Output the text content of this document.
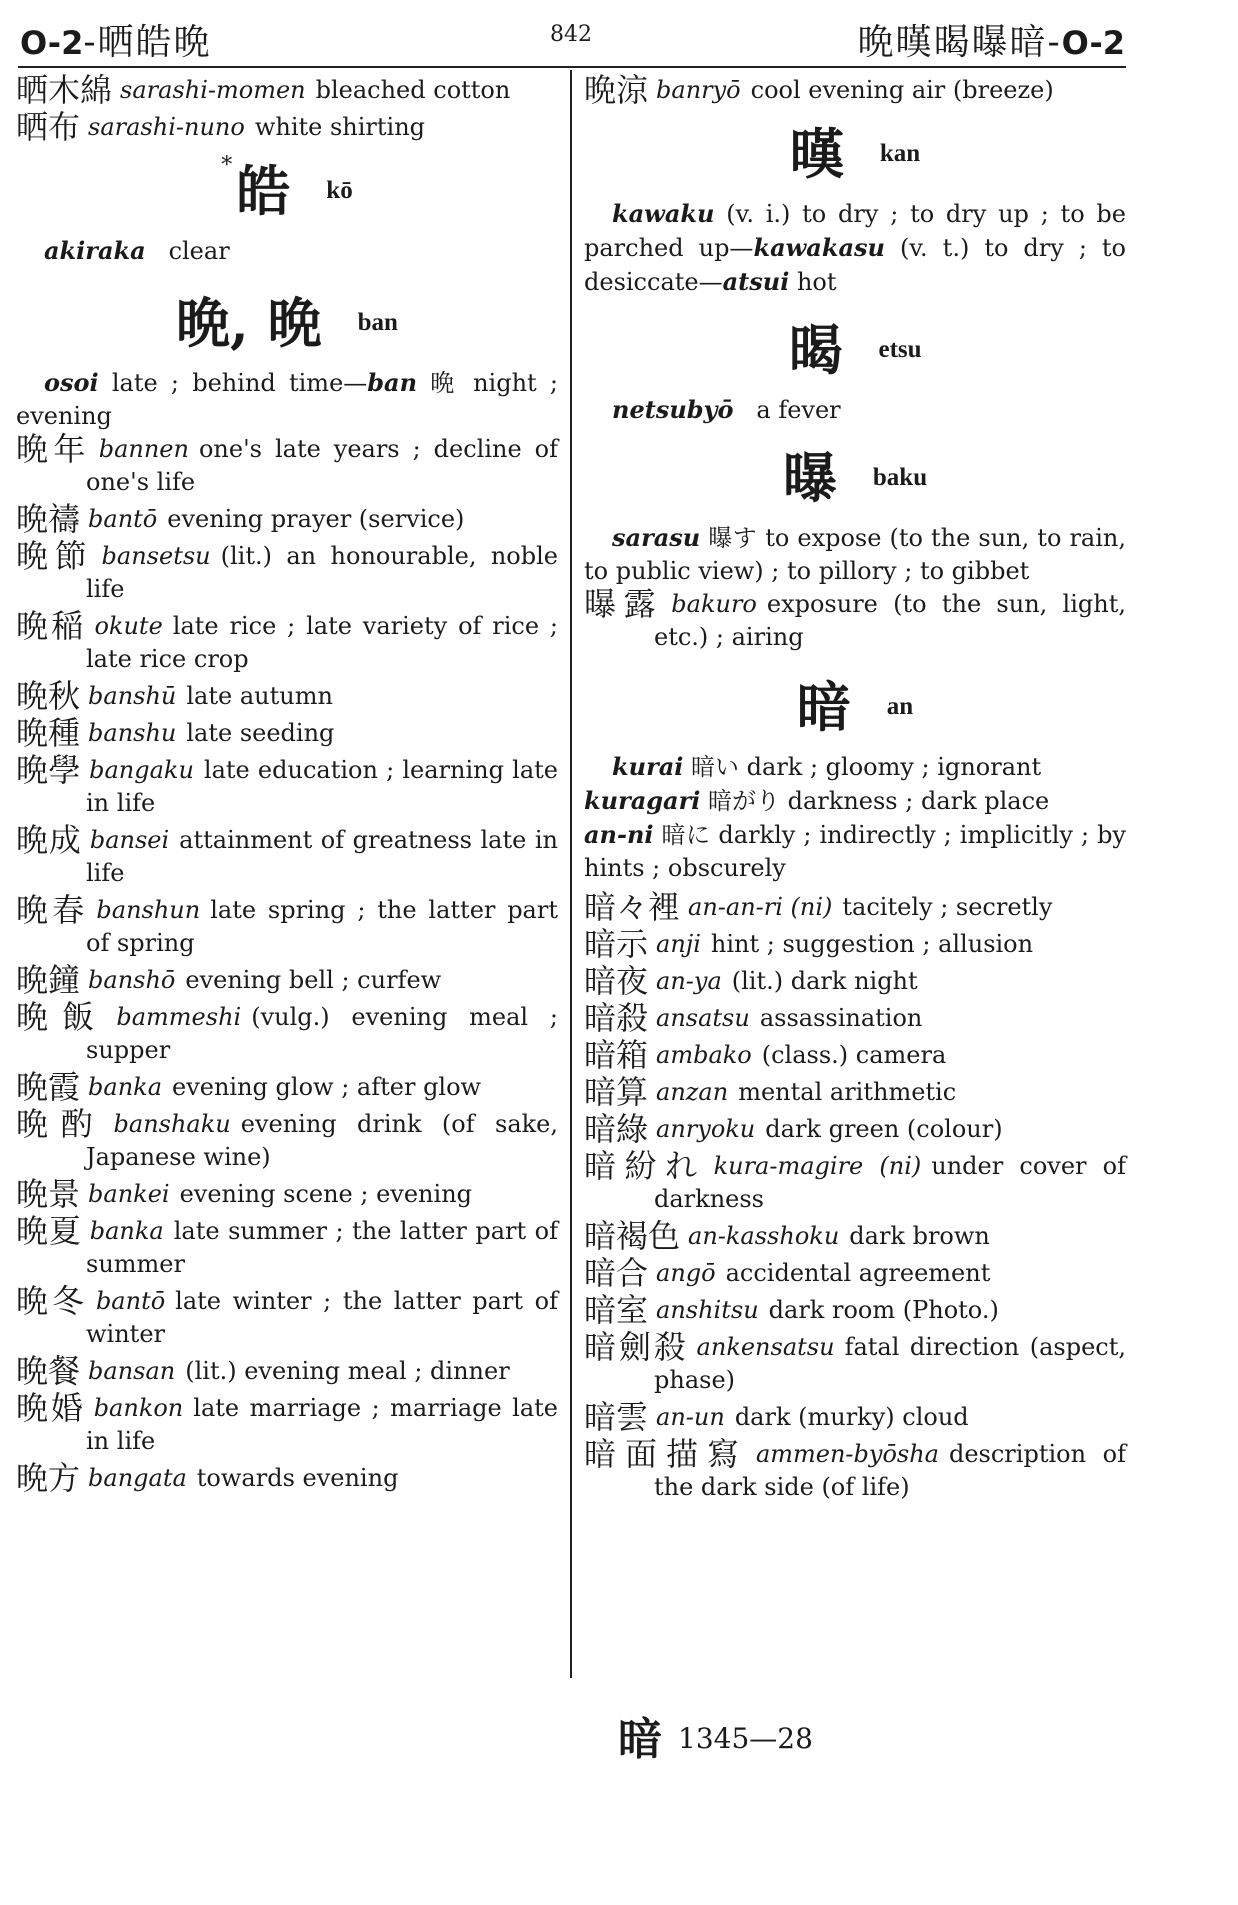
O-2-晒皓晩	842	晩暵暍曝暗-O-2
晒木綿 sarashi-momen bleached cotton
晒布 sarashi-nuno white shirting
*皓 kō
akiraka clear
晩, 晩 ban
osoi late ; behind time—ban 晩 night ; evening
晩年 bannen one's late years ; decline of one's life
晩禱 bantō evening prayer (service)
晩節 bansetsu (lit.) an honourable, noble life
晩稲 okute late rice ; late variety of rice ; late rice crop
晩秋 banshū late autumn
晩種 banshu late seeding
晩學 bangaku late education ; learning late in life
晩成 bansei attainment of greatness late in life
晩春 banshun late spring ; the latter part of spring
晩鐘 banshō evening bell ; curfew
晩飯 bammeshi (vulg.) evening meal ; supper
晩霞 banka evening glow ; after glow
晩酌 banshaku evening drink (of sake, Japanese wine)
晩景 bankei evening scene ; evening
晩夏 banka late summer ; the latter part of summer
晩冬 bantō late winter ; the latter part of winter
晩餐 bansan (lit.) evening meal ; dinner
晩婚 bankon late marriage ; marriage late in life
晩方 bangata towards evening
晩涼 banryō cool evening air (breeze)
暵 kan
kawaku (v. i.) to dry ; to dry up ; to be parched up—kawakasu (v. t.) to dry ; to desiccate—atsui hot
暍 etsu
netsubyō a fever
曝 baku
sarasu 曝す to expose (to the sun, to rain, to public view) ; to pillory ; to gibbet
曝露 bakuro exposure (to the sun, light, etc.) ; airing
暗 an
kurai 暗い dark ; gloomy ; ignorant
kuragari 暗がり darkness ; dark place
an-ni 暗に darkly ; indirectly ; implicitly ; by hints ; obscurely
暗々裡 an-an-ri (ni) tacitely ; secretly
暗示 anji hint ; suggestion ; allusion
暗夜 an-ya (lit.) dark night
暗殺 ansatsu assassination
暗箱 ambako (class.) camera
暗算 anzan mental arithmetic
暗綠 anryoku dark green (colour)
暗紛れ kura-magire (ni) under cover of darkness
暗褐色 an-kasshoku dark brown
暗合 angō accidental agreement
暗室 anshitsu dark room (Photo.)
暗劍殺 ankensatsu fatal direction (aspect, phase)
暗雲 an-un dark (murky) cloud
暗面描寫 ammen-byōsha description of the dark side (of life)
暗 1345—28
